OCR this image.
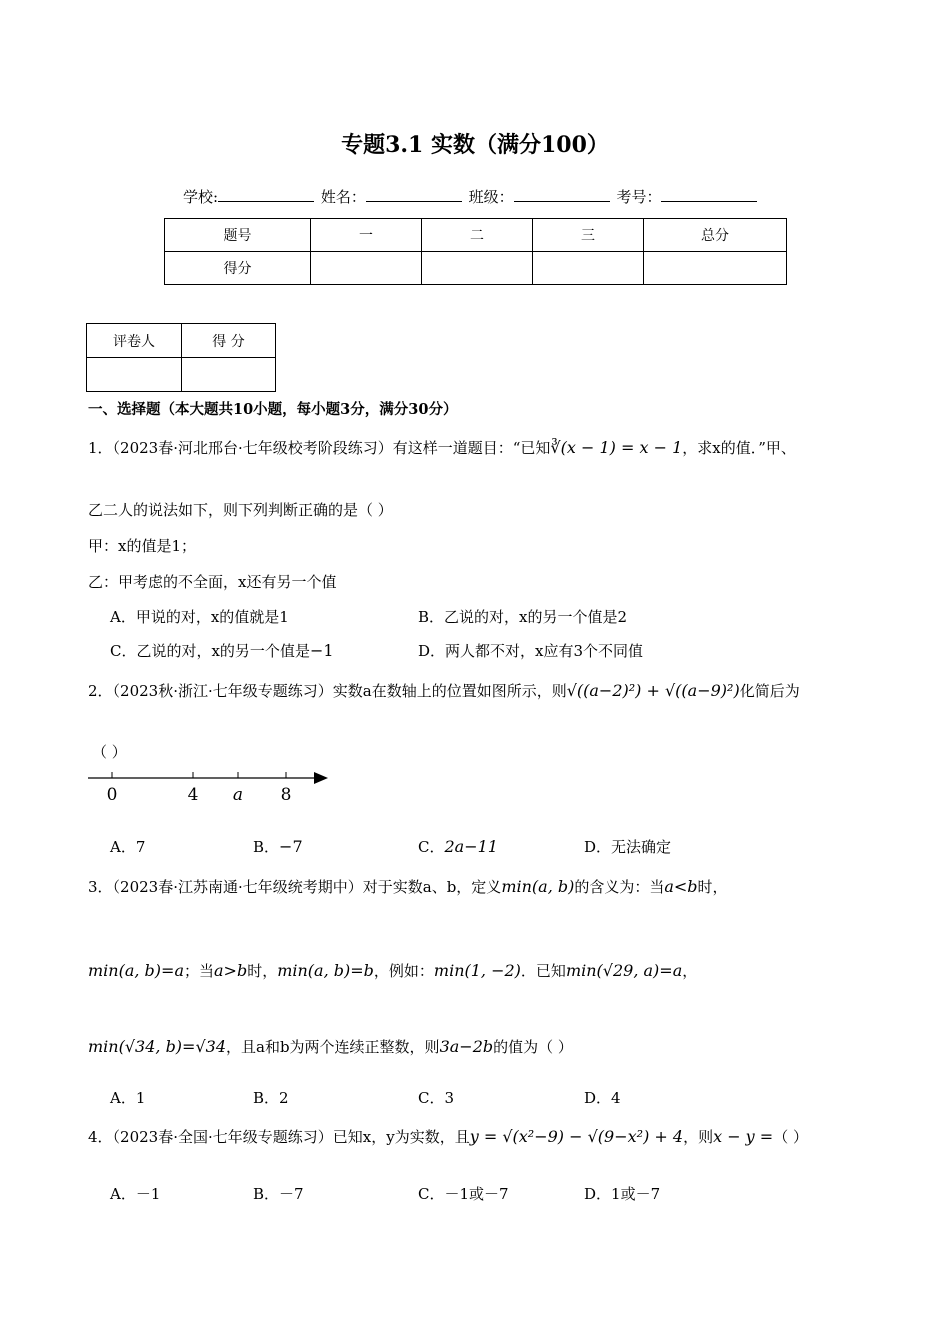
专题3.1 实数（满分100）
学校:	姓名：	班级：	考号：
题号	一	二	三	总分
得分				
评卷人	得 分

一、选择题（本大题共10小题，每小题3分，满分30分）
1．（2023春·河北邢台·七年级校考阶段练习）有这样一道题目：“已知∛(x − 1) = x − 1，求x的值．”甲、
乙二人的说法如下，则下列判断正确的是（ ）
甲：x的值是1；
乙：甲考虑的不全面，x还有另一个值
A．甲说的对，x的值就是1	B．乙说的对，x的另一个值是2
C．乙说的对，x的另一个值是−1	D．两人都不对，x应有3个不同值
2．（2023秋·浙江·七年级专题练习）实数a在数轴上的位置如图所示，则√((a−2)²) + √((a−9)²)化简后为
（ ）
0	4 a 8
A．7	B．−7	C．2a−11	D．无法确定
3．（2023春·江苏南通·七年级统考期中）对于实数a、b，定义min(a, b)的含义为：当a<b时，
min(a, b)=a；当a>b时，min(a, b)=b，例如：min(1, −2)．已知min(√29, a)=a，
min(√34, b)=√34，且a和b为两个连续正整数，则3a−2b的值为（ ）
A．1	B．2	C．3	D．4
4．（2023春·全国·七年级专题练习）已知x，y为实数，且y = √(x²−9) − √(9−x²) + 4，则x − y =（ ）
A．－1	B．－7	C．－1或－7	D．1或－7
